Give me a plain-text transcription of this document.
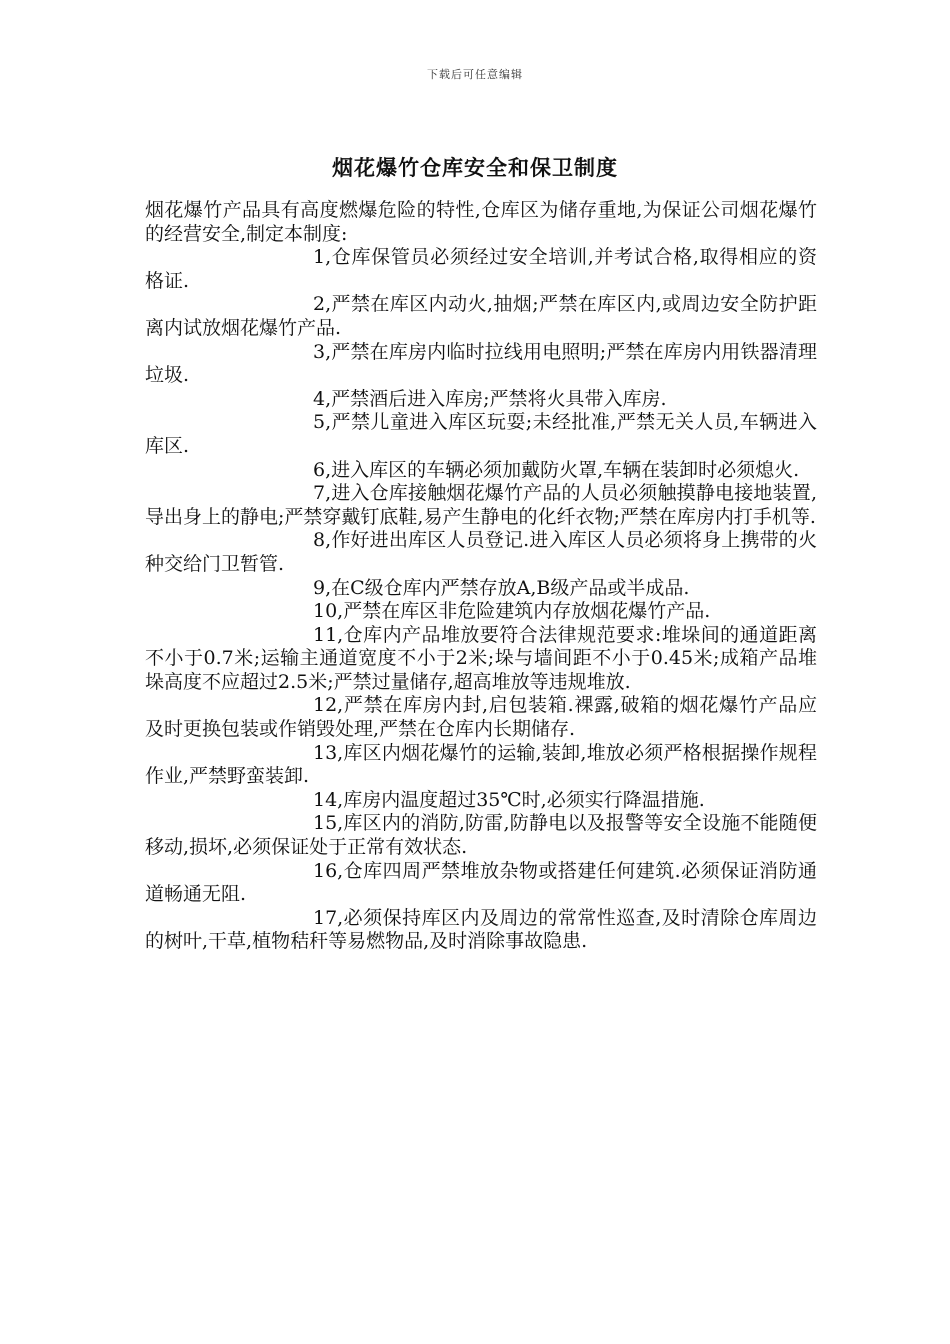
下载后可任意编辑
烟花爆竹仓库安全和保卫制度

烟花爆竹产品具有高度燃爆危险的特性,仓库区为储存重地,为保证公司烟花爆竹的经营安全,制定本制度:

1,仓库保管员必须经过安全培训,并考试合格,取得相应的资格证.

2,严禁在库区内动火,抽烟;严禁在库区内,或周边安全防护距离内试放烟花爆竹产品.

3,严禁在库房内临时拉线用电照明;严禁在库房内用铁器清理垃圾.

4,严禁酒后进入库房;严禁将火具带入库房.

5,严禁儿童进入库区玩耍;未经批准,严禁无关人员,车辆进入库区.

6,进入库区的车辆必须加戴防火罩,车辆在装卸时必须熄火.

7,进入仓库接触烟花爆竹产品的人员必须触摸静电接地装置,导出身上的静电;严禁穿戴钉底鞋,易产生静电的化纤衣物;严禁在库房内打手机等.

8,作好进出库区人员登记.进入库区人员必须将身上携带的火种交给门卫暂管.

9,在C级仓库内严禁存放A,B级产品或半成品.

10,严禁在库区非危险建筑内存放烟花爆竹产品.

11,仓库内产品堆放要符合法律规范要求:堆垛间的通道距离不小于0.7米;运输主通道宽度不小于2米;垛与墙间距不小于0.45米;成箱产品堆垛高度不应超过2.5米;严禁过量储存,超高堆放等违规堆放.

12,严禁在库房内封,启包装箱.裸露,破箱的烟花爆竹产品应及时更换包装或作销毁处理,严禁在仓库内长期储存.

13,库区内烟花爆竹的运输,装卸,堆放必须严格根据操作规程作业,严禁野蛮装卸.

14,库房内温度超过35℃时,必须实行降温措施.

15,库区内的消防,防雷,防静电以及报警等安全设施不能随便移动,损坏,必须保证处于正常有效状态.

16,仓库四周严禁堆放杂物或搭建任何建筑.必须保证消防通道畅通无阻.

17,必须保持库区内及周边的常常性巡查,及时清除仓库周边的树叶,干草,植物秸秆等易燃物品,及时消除事故隐患.
